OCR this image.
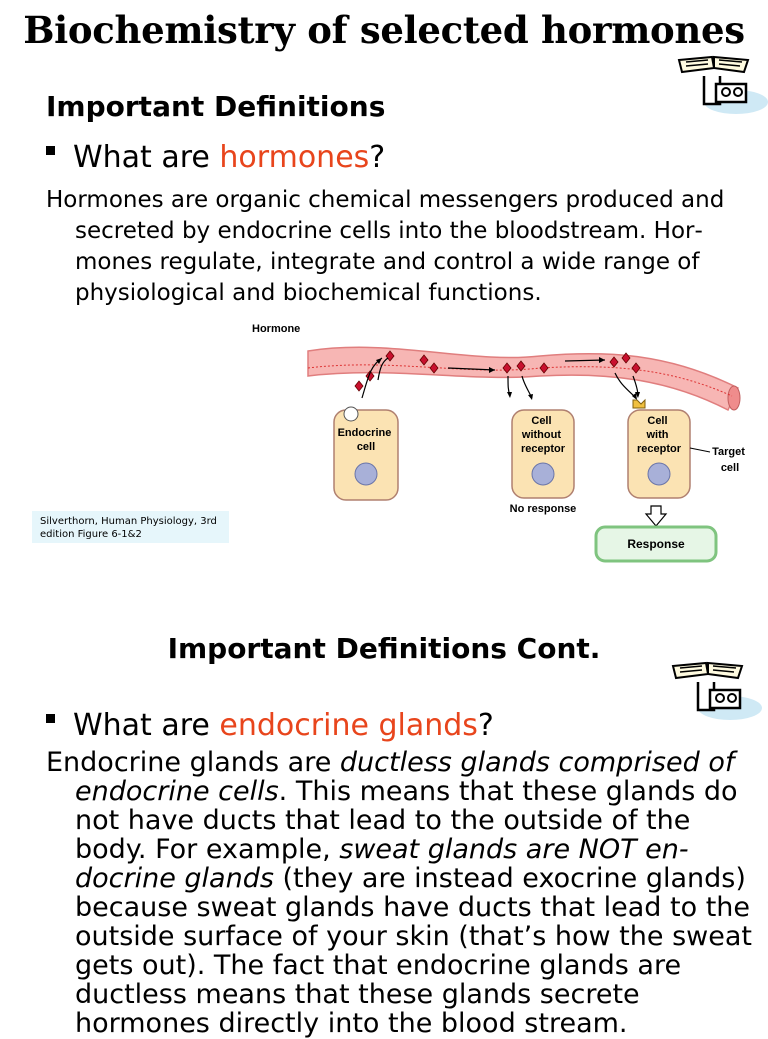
Biochemistry of selected hormones
Important Definitions

What are hormones?

Hormones are organic chemical messengers produced and secreted by endocrine cells into the bloodstream. Hormones regulate, integrate and control a wide range of physiological and biochemical functions.

Hormone
Endocrine cell
Cell without receptor
No response
Cell with receptor	Target cell
Response
Silverthorn, Human Physiology, 3rd edition Figure 6-1&2
Important Definitions Cont.

What are endocrine glands?

Endocrine glands are ductless glands comprised of endocrine cells. This means that these glands do not have ducts that lead to the outside of the body. For example, sweat glands are NOT endocrine glands (they are instead exocrine glands) because sweat glands have ducts that lead to the outside surface of your skin (that’s how the sweat gets out). The fact that endocrine glands are ductless means that these glands secrete hormones directly into the blood stream.
